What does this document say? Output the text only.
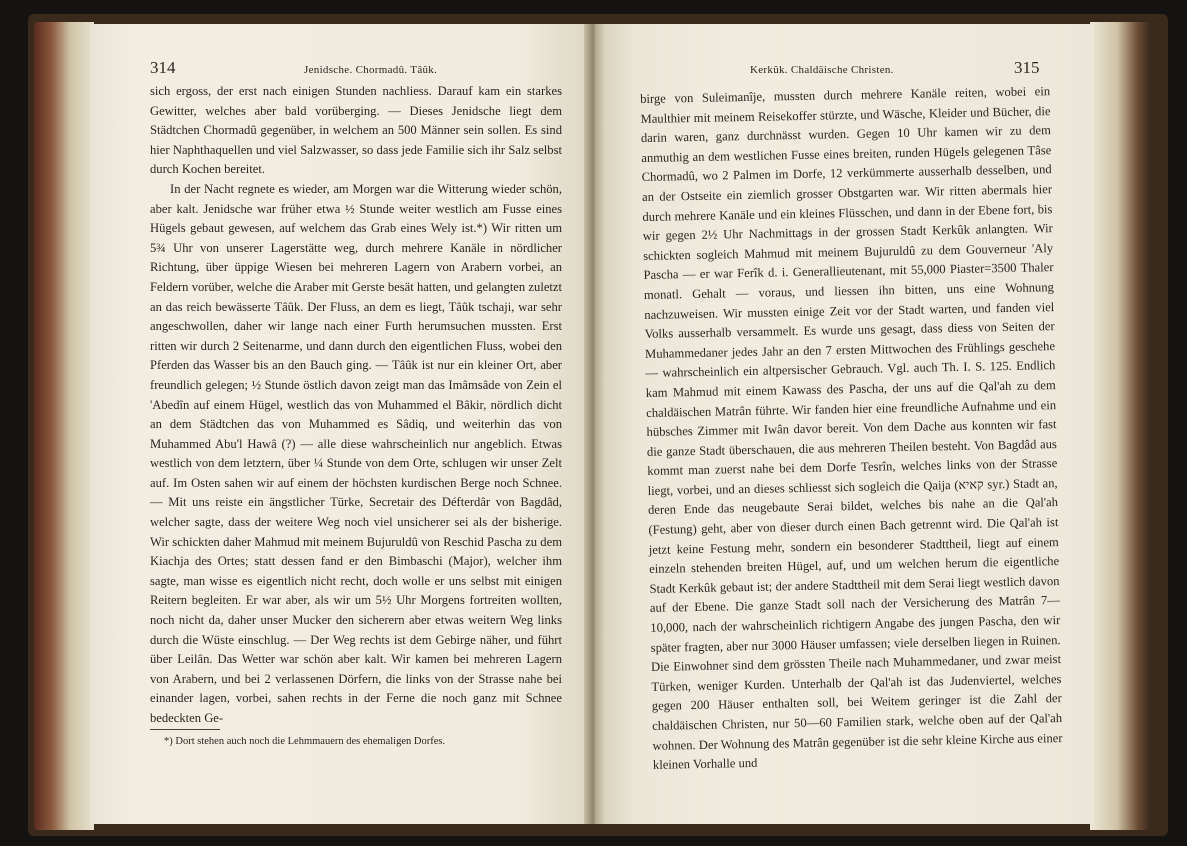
314	Jenidsche. Chormadû. Tâûk.

sich ergoss, der erst nach einigen Stunden nachliess. Darauf kam ein starkes Gewitter, welches aber bald vorüberging. — Dieses Jenidsche liegt dem Städtchen Chormadû gegenüber, in welchem an 500 Männer sein sollen. Es sind hier Naphthaquellen und viel Salzwasser, so dass jede Familie sich ihr Salz selbst durch Kochen bereitet.

In der Nacht regnete es wieder, am Morgen war die Witterung wieder schön, aber kalt. Jenidsche war früher etwa ½ Stunde weiter westlich am Fusse eines Hügels gebaut gewesen, auf welchem das Grab eines Wely ist.*) Wir ritten um 5¾ Uhr von unserer Lagerstätte weg, durch mehrere Kanäle in nördlicher Richtung, über üppige Wiesen bei mehreren Lagern von Arabern vorbei, an Feldern vorüber, welche die Araber mit Gerste besät hatten, und gelangten zuletzt an das reich bewässerte Tâûk. Der Fluss, an dem es liegt, Tâûk tschaji, war sehr angeschwollen, daher wir lange nach einer Furth herumsuchen mussten. Erst ritten wir durch 2 Seitenarme, und dann durch den eigentlichen Fluss, wobei den Pferden das Wasser bis an den Bauch ging. — Tâûk ist nur ein kleiner Ort, aber freundlich gelegen; ½ Stunde östlich davon zeigt man das Imâmsâde von Zein el 'Abedîn auf einem Hügel, westlich das von Muhammed el Bâkir, nördlich dicht an dem Städtchen das von Muhammed es Sâdiq, und weiterhin das von Muhammed Abu'l Hawâ (?) — alle diese wahrscheinlich nur angeblich. Etwas westlich von dem letztern, über ¼ Stunde von dem Orte, schlugen wir unser Zelt auf. Im Osten sahen wir auf einem der höchsten kurdischen Berge noch Schnee. — Mit uns reiste ein ängstlicher Türke, Secretair des Défterdâr von Bagdâd, welcher sagte, dass der weitere Weg noch viel unsicherer sei als der bisherige. Wir schickten daher Mahmud mit meinem Bujuruldû von Reschid Pascha zu dem Kiachja des Ortes; statt dessen fand er den Bimbaschi (Major), welcher ihm sagte, man wisse es eigentlich nicht recht, doch wolle er uns selbst mit einigen Reitern begleiten. Er war aber, als wir um 5½ Uhr Morgens fortreiten wollten, noch nicht da, daher unser Mucker den sicherern aber etwas weitern Weg links durch die Wüste einschlug. — Der Weg rechts ist dem Gebirge näher, und führt über Leilân. Das Wetter war schön aber kalt. Wir kamen bei mehreren Lagern von Arabern, und bei 2 verlassenen Dörfern, die links von der Strasse nahe bei einander lagen, vorbei, sahen rechts in der Ferne die noch ganz mit Schnee bedeckten Ge-

*) Dort stehen auch noch die Lehmmauern des ehemaligen Dorfes.
Kerkûk. Chaldäische Christen.	315

birge von Suleimanîje, mussten durch mehrere Kanäle reiten, wobei ein Maulthier mit meinem Reisekoffer stürzte, und Wäsche, Kleider und Bücher, die darin waren, ganz durchnässt wurden. Gegen 10 Uhr kamen wir zu dem anmuthig an dem westlichen Fusse eines breiten, runden Hügels gelegenen Tâse Chormadû, wo 2 Palmen im Dorfe, 12 verkümmerte ausserhalb desselben, und an der Ostseite ein ziemlich grosser Obstgarten war. Wir ritten abermals hier durch mehrere Kanäle und ein kleines Flüsschen, und dann in der Ebene fort, bis wir gegen 2½ Uhr Nachmittags in der grossen Stadt Kerkûk anlangten. Wir schickten sogleich Mahmud mit meinem Bujuruldû zu dem Gouverneur 'Aly Pascha — er war Ferîk d. i. Generallieutenant, mit 55,000 Piaster=3500 Thaler monatl. Gehalt — voraus, und liessen ihn bitten, uns eine Wohnung nachzuweisen. Wir mussten einige Zeit vor der Stadt warten, und fanden viel Volks ausserhalb versammelt. Es wurde uns gesagt, dass diess von Seiten der Muhammedaner jedes Jahr an den 7 ersten Mittwochen des Frühlings geschehe — wahrscheinlich ein altpersischer Gebrauch. Vgl. auch Th. I. S. 125. Endlich kam Mahmud mit einem Kawass des Pascha, der uns auf die Qal'ah zu dem chaldäischen Matrân führte. Wir fanden hier eine freundliche Aufnahme und ein hübsches Zimmer mit Iwân davor bereit. Von dem Dache aus konnten wir fast die ganze Stadt überschauen, die aus mehreren Theilen besteht. Von Bagdâd aus kommt man zuerst nahe bei dem Dorfe Tesrîn, welches links von der Strasse liegt, vorbei, und an dieses schliesst sich sogleich die Qaija (קאיא syr.) Stadt an, deren Ende das neugebaute Serai bildet, welches bis nahe an die Qal'ah (Festung) geht, aber von dieser durch einen Bach getrennt wird. Die Qal'ah ist jetzt keine Festung mehr, sondern ein besonderer Stadttheil, liegt auf einem einzeln stehenden breiten Hügel, auf, und um welchen herum die eigentliche Stadt Kerkûk gebaut ist; der andere Stadttheil mit dem Serai liegt westlich davon auf der Ebene. Die ganze Stadt soll nach der Versicherung des Matrân 7—10,000, nach der wahrscheinlich richtigern Angabe des jungen Pascha, den wir später fragten, aber nur 3000 Häuser umfassen; viele derselben liegen in Ruinen. Die Einwohner sind dem grössten Theile nach Muhammedaner, und zwar meist Türken, weniger Kurden. Unterhalb der Qal'ah ist das Judenviertel, welches gegen 200 Häuser enthalten soll, bei Weitem geringer ist die Zahl der chaldäischen Christen, nur 50—60 Familien stark, welche oben auf der Qal'ah wohnen. Der Wohnung des Matrân gegenüber ist die sehr kleine Kirche aus einer kleinen Vorhalle und
